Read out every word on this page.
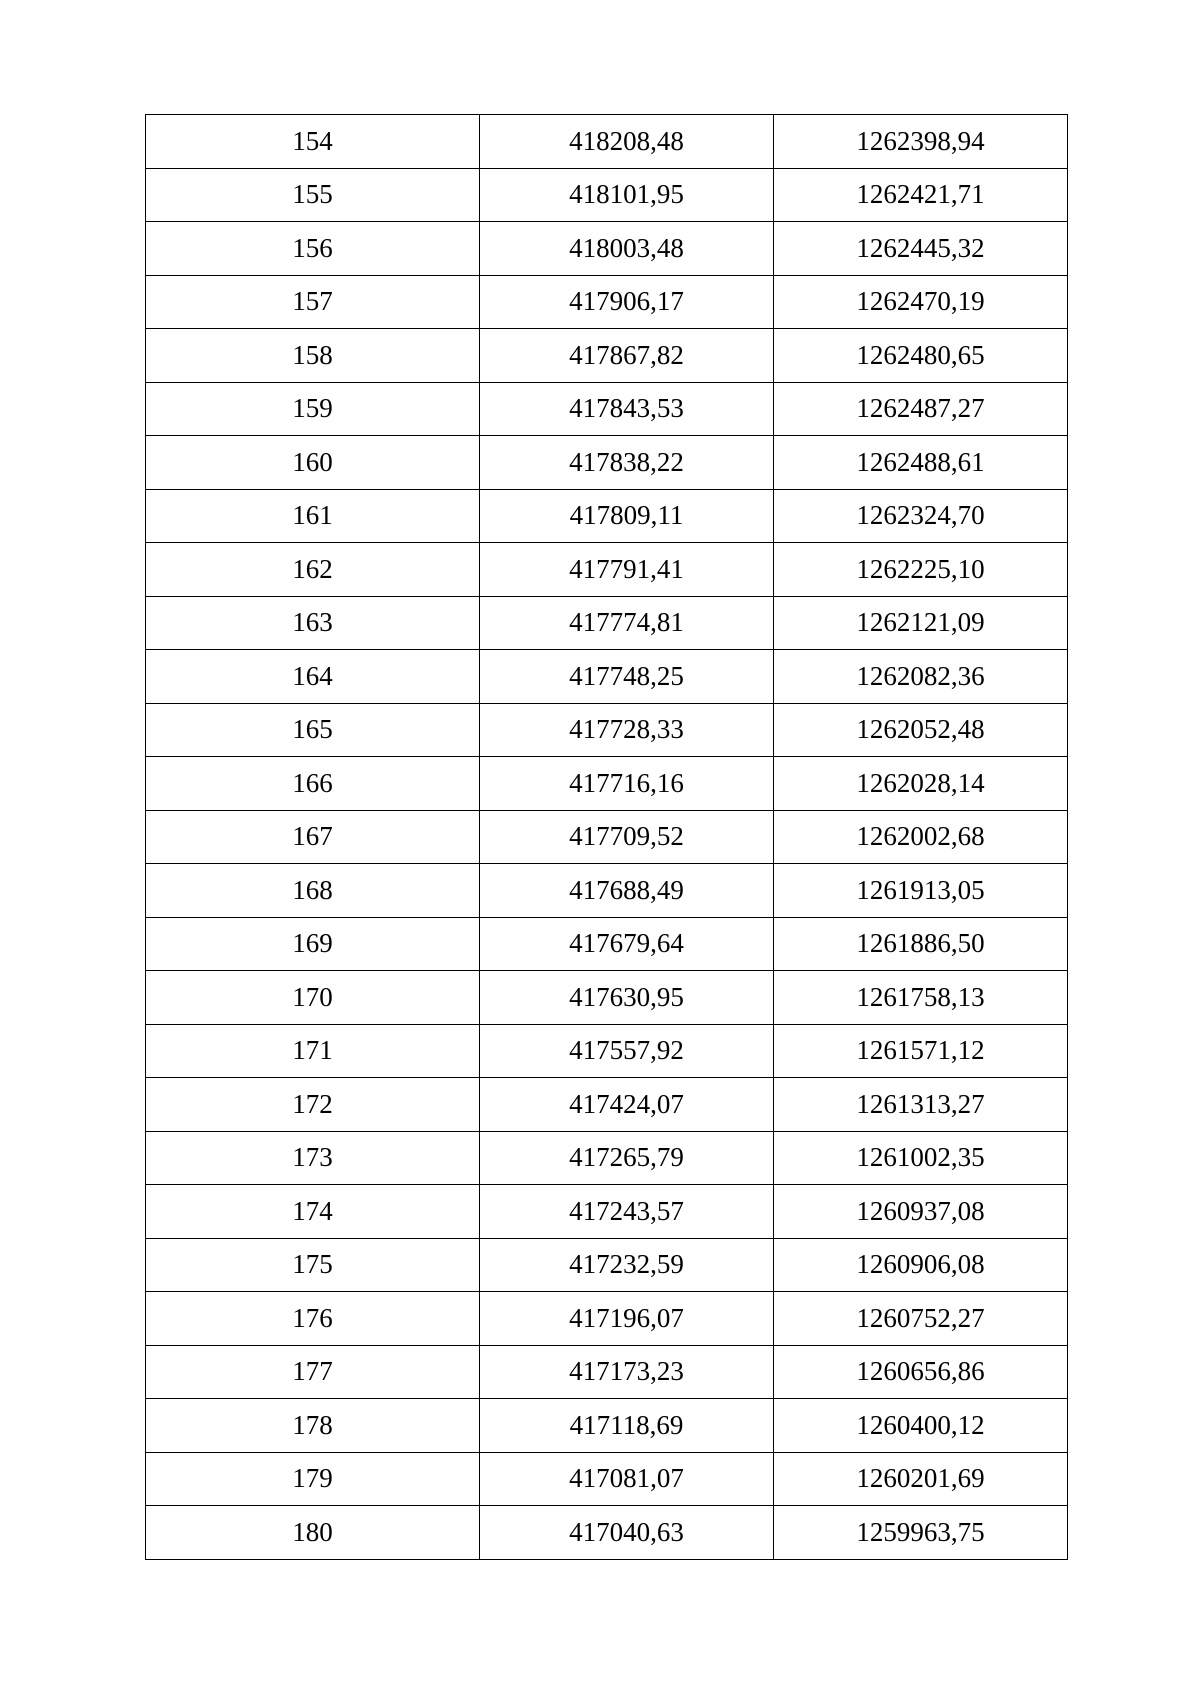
154	418208,48	1262398,94
155	418101,95	1262421,71
156	418003,48	1262445,32
157	417906,17	1262470,19
158	417867,82	1262480,65
159	417843,53	1262487,27
160	417838,22	1262488,61
161	417809,11	1262324,70
162	417791,41	1262225,10
163	417774,81	1262121,09
164	417748,25	1262082,36
165	417728,33	1262052,48
166	417716,16	1262028,14
167	417709,52	1262002,68
168	417688,49	1261913,05
169	417679,64	1261886,50
170	417630,95	1261758,13
171	417557,92	1261571,12
172	417424,07	1261313,27
173	417265,79	1261002,35
174	417243,57	1260937,08
175	417232,59	1260906,08
176	417196,07	1260752,27
177	417173,23	1260656,86
178	417118,69	1260400,12
179	417081,07	1260201,69
180	417040,63	1259963,75
